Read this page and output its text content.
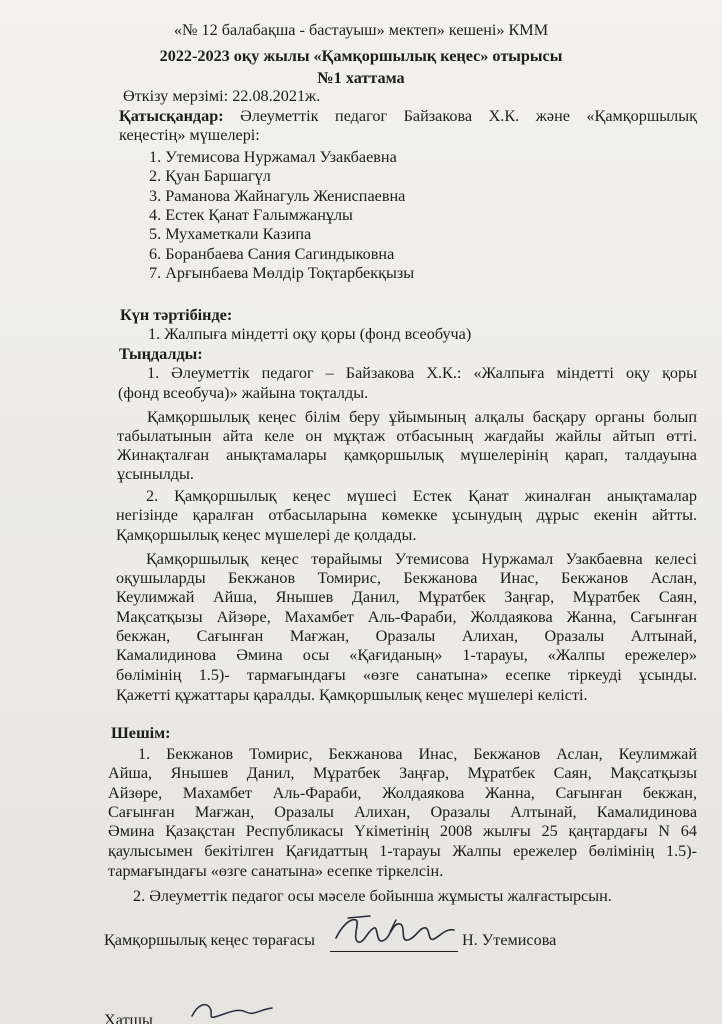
«№ 12 балабақша - бастауыш» мектеп» кешені» КММ
2022-2023 оқу жылы «Қамқоршылық кеңес» отырысы
№1 хаттама
Өткізу мерзімі: 22.08.2021ж.
Қатысқандар: Әлеуметтік педагог Байзакова Х.К. және «Қамқоршылық
кеңестің» мүшелері:
1. Утемисова Нуржамал Узакбаевна
2. Қуан Баршагүл
3. Раманова Жайнагуль Жениспаевна
4. Естек Қанат Ғалымжанұлы
5. Мухаметкали Казипа
6. Боранбаева Сания Сагиндыковна
7. Арғынбаева Мөлдір Тоқтарбекқызы
Күн тәртібінде:
1. Жалпыға міндетті оқу қоры (фонд всеобуча)
Тыңдалды:
1. Әлеуметтік педагог – Байзакова Х.К.: «Жалпыға міндетті оқу қоры
(фонд всеобуча)» жайына тоқталды.
Қамқоршылық кеңес білім беру ұйымының алқалы басқару органы болып
табылатынын айта келе он мұқтаж отбасының жағдайы жайлы айтып өтті.
Жинақталған анықтамалары қамқоршылық мүшелерінің қарап, талдауына
ұсынылды.
2. Қамқоршылық кеңес мүшесі Естек Қанат жиналған анықтамалар
негізінде қаралған отбасыларына көмекке ұсынудың дұрыс екенін айтты.
Қамқоршылық кеңес мүшелері де қолдады.
Қамқоршылық кеңес төрайымы Утемисова Нуржамал Узакбаевна келесі
оқушыларды Бекжанов Томирис, Бекжанова Инас, Бекжанов Аслан,
Кеулимжай Айша, Янышев Данил, Мұратбек Заңғар, Мұратбек Саян,
Мақсатқызы Айзөре, Махамбет Аль-Фараби, Жолдаякова Жанна, Сағынған
бекжан, Сағынған Мағжан, Оразалы Алихан, Оразалы Алтынай,
Камалидинова Әмина осы «Қағиданың» 1-тарауы, «Жалпы ережелер»
бөлімінің 1.5)- тармағындағы «өзге санатына» есепке тіркеуді ұсынды.
Қажетті құжаттары қаралды. Қамқоршылық кеңес мүшелері келісті.
Шешім:
1. Бекжанов Томирис, Бекжанова Инас, Бекжанов Аслан, Кеулимжай
Айша, Янышев Данил, Мұратбек Заңғар, Мұратбек Саян, Мақсатқызы
Айзөре, Махамбет Аль-Фараби, Жолдаякова Жанна, Сағынған бекжан,
Сағынған Мағжан, Оразалы Алихан, Оразалы Алтынай, Камалидинова
Әмина Қазақстан Республикасы Үкіметінің 2008 жылғы 25 қаңтардағы N 64
қаулысымен бекітілген Қағидаттың 1-тарауы Жалпы ережелер бөлімінің 1.5)-
тармағындағы «өзге санатына» есепке тіркелсін.
2. Әлеуметтік педагог осы мәселе бойынша жұмысты жалғастырсын.
Қамқоршылық кеңес төрағасы	Н. Утемисова
Хатшы
